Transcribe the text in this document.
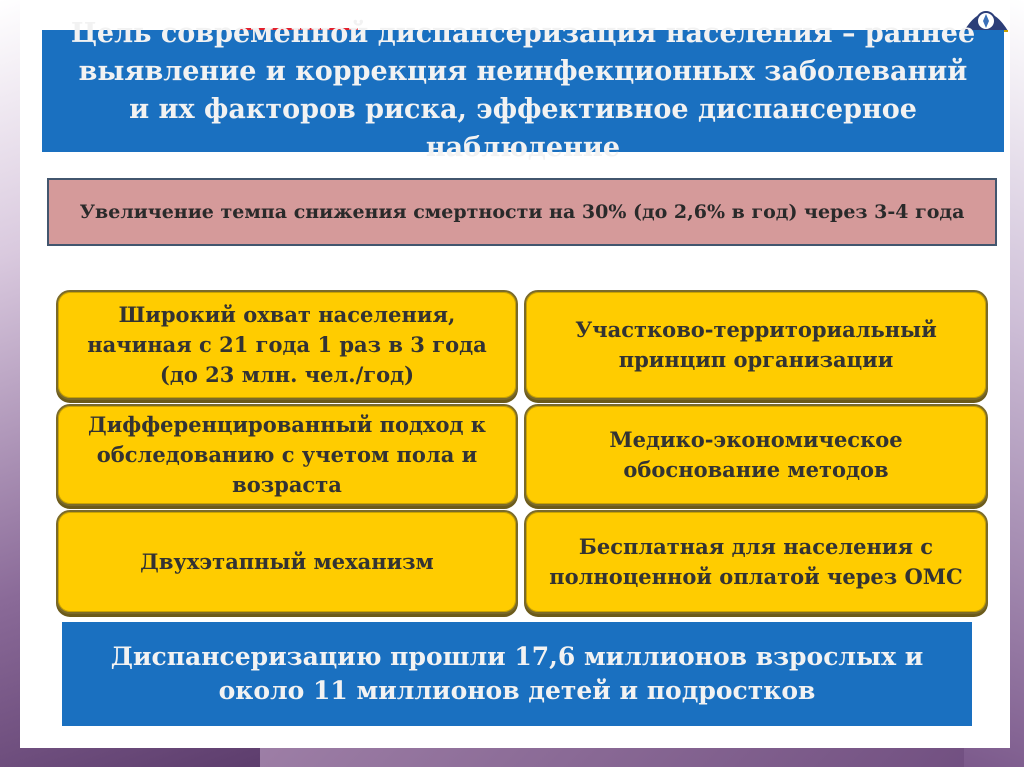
Цель современной диспансеризация населения – раннее выявление и коррекция неинфекционных заболеваний и их факторов риска, эффективное диспансерное наблюдение
Увеличение темпа снижения смертности на 30% (до 2,6% в год) через 3-4 года
Широкий охват населения, начиная с 21 года 1 раз в 3 года (до 23 млн. чел./год)
Участково-территориальный принцип организации
Дифференцированный подход к обследованию с учетом пола и возраста
Медико-экономическое обоснование методов
Двухэтапный механизм
Бесплатная для населения с полноценной оплатой через ОМС
Диспансеризацию прошли 17,6 миллионов взрослых и около 11 миллионов детей и подростков
